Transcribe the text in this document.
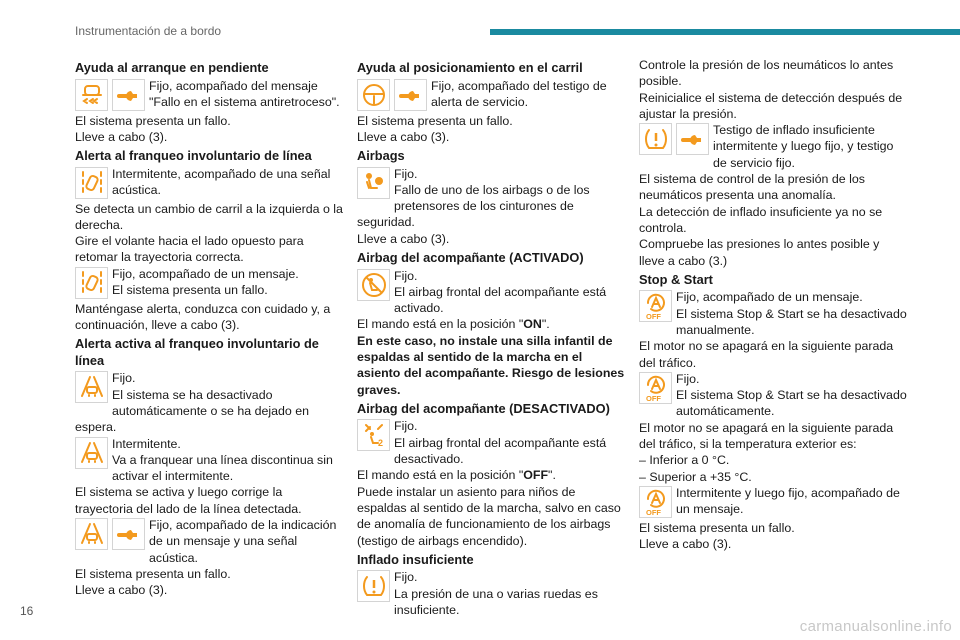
Instrumentación de a bordo
Ayuda al arranque en pendiente

Fijo, acompañado del mensaje "Fallo en el sistema antiretroceso".

El sistema presenta un fallo.

Lleve a cabo (3).

Alerta al franqueo involuntario de línea

Intermitente, acompañado de una señal acústica.

Se detecta un cambio de carril a la izquierda o la derecha.

Gire el volante hacia el lado opuesto para retomar la trayectoria correcta.

Fijo, acompañado de un mensaje.
El sistema presenta un fallo.

Manténgase alerta, conduzca con cuidado y, a continuación, lleve a cabo (3).

Alerta activa al franqueo involuntario de línea

Fijo.
El sistema se ha desactivado automáticamente o se ha dejado en espera.

Intermitente.
Va a franquear una línea discontinua sin activar el intermitente.

El sistema se activa y luego corrige la trayectoria del lado de la línea detectada.

Fijo, acompañado de la indicación de un mensaje y una señal acústica.

El sistema presenta un fallo.

Lleve a cabo (3).

Ayuda al posicionamiento en el carril

Fijo, acompañado del testigo de alerta de servicio.

El sistema presenta un fallo.

Lleve a cabo (3).

Airbags

Fijo.
Fallo de uno de los airbags o de los pretensores de los cinturones de seguridad.

Lleve a cabo (3).

Airbag del acompañante (ACTIVADO)

Fijo.
El airbag frontal del acompañante está activado.

El mando está en la posición "ON".

En este caso, no instale una silla infantil de espaldas al sentido de la marcha en el asiento del acompañante. Riesgo de lesiones graves.

Airbag del acompañante (DESACTIVADO)

2
Fijo.
El airbag frontal del acompañante está desactivado.

El mando está en la posición "OFF".

Puede instalar un asiento para niños de espaldas al sentido de la marcha, salvo en caso de anomalía de funcionamiento de los airbags (testigo de airbags encendido).

Inflado insuficiente

Fijo.
La presión de una o varias ruedas es insuficiente.

Controle la presión de los neumáticos lo antes posible.

Reinicialice el sistema de detección después de ajustar la presión.

Testigo de inflado insuficiente intermitente y luego fijo, y testigo de servicio fijo.

El sistema de control de la presión de los neumáticos presenta una anomalía.

La detección de inflado insuficiente ya no se controla.

Compruebe las presiones lo antes posible y lleve a cabo (3.)

Stop & Start

OFF
Fijo, acompañado de un mensaje.
El sistema Stop & Start se ha desactivado manualmente.

El motor no se apagará en la siguiente parada del tráfico.

OFF
Fijo.
El sistema Stop & Start se ha desactivado automáticamente.

El motor no se apagará en la siguiente parada del tráfico, si la temperatura exterior es:

– Inferior a 0 °C.

– Superior a +35 °C.

OFF
Intermitente y luego fijo, acompañado de un mensaje.

El sistema presenta un fallo.

Lleve a cabo (3).

16
carmanualsonline.info
